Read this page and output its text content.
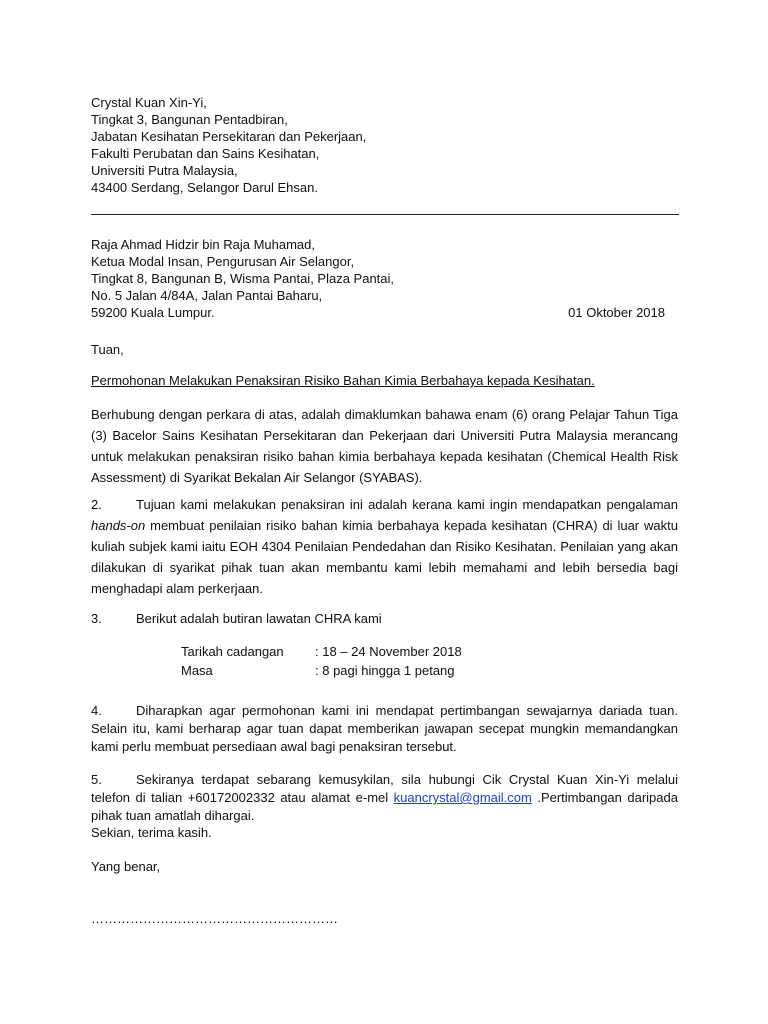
Crystal Kuan Xin-Yi,
Tingkat 3, Bangunan Pentadbiran,
Jabatan Kesihatan Persekitaran dan Pekerjaan,
Fakulti Perubatan dan Sains Kesihatan,
Universiti Putra Malaysia,
43400 Serdang, Selangor Darul Ehsan.
Raja Ahmad Hidzir bin Raja Muhamad,
Ketua Modal Insan, Pengurusan Air Selangor,
Tingkat 8, Bangunan B, Wisma Pantai, Plaza Pantai,
No. 5 Jalan 4/84A, Jalan Pantai Baharu,
59200 Kuala Lumpur.	01 Oktober 2018
Tuan,
Permohonan Melakukan Penaksiran Risiko Bahan Kimia Berbahaya kepada Kesihatan.
Berhubung dengan perkara di atas, adalah dimaklumkan bahawa enam (6) orang Pelajar Tahun Tiga (3) Bacelor Sains Kesihatan Persekitaran dan Pekerjaan dari Universiti Putra Malaysia merancang untuk melakukan penaksiran risiko bahan kimia berbahaya kepada kesihatan (Chemical Health Risk Assessment) di Syarikat Bekalan Air Selangor (SYABAS).
2.	Tujuan kami melakukan penaksiran ini adalah kerana kami ingin mendapatkan pengalaman hands-on membuat penilaian risiko bahan kimia berbahaya kepada kesihatan (CHRA) di luar waktu kuliah subjek kami iaitu EOH 4304 Penilaian Pendedahan dan Risiko Kesihatan. Penilaian yang akan dilakukan di syarikat pihak tuan akan membantu kami lebih memahami and lebih bersedia bagi menghadapi alam perkerjaan.
3.	Berikut adalah butiran lawatan CHRA kami
Tarikah cadangan : 18 – 24 November 2018
Masa	: 8 pagi hingga 1 petang
4.	Diharapkan agar permohonan kami ini mendapat pertimbangan sewajarnya dariada tuan. Selain itu, kami berharap agar tuan dapat memberikan jawapan secepat mungkin memandangkan kami perlu membuat persediaan awal bagi penaksiran tersebut.
5.	Sekiranya terdapat sebarang kemusykilan, sila hubungi Cik Crystal Kuan Xin-Yi melalui telefon di talian +60172002332 atau alamat e-mel kuancrystal@gmail.com .Pertimbangan daripada pihak tuan amatlah dihargai.
Sekian, terima kasih.
Yang benar,
…………………………………………………
